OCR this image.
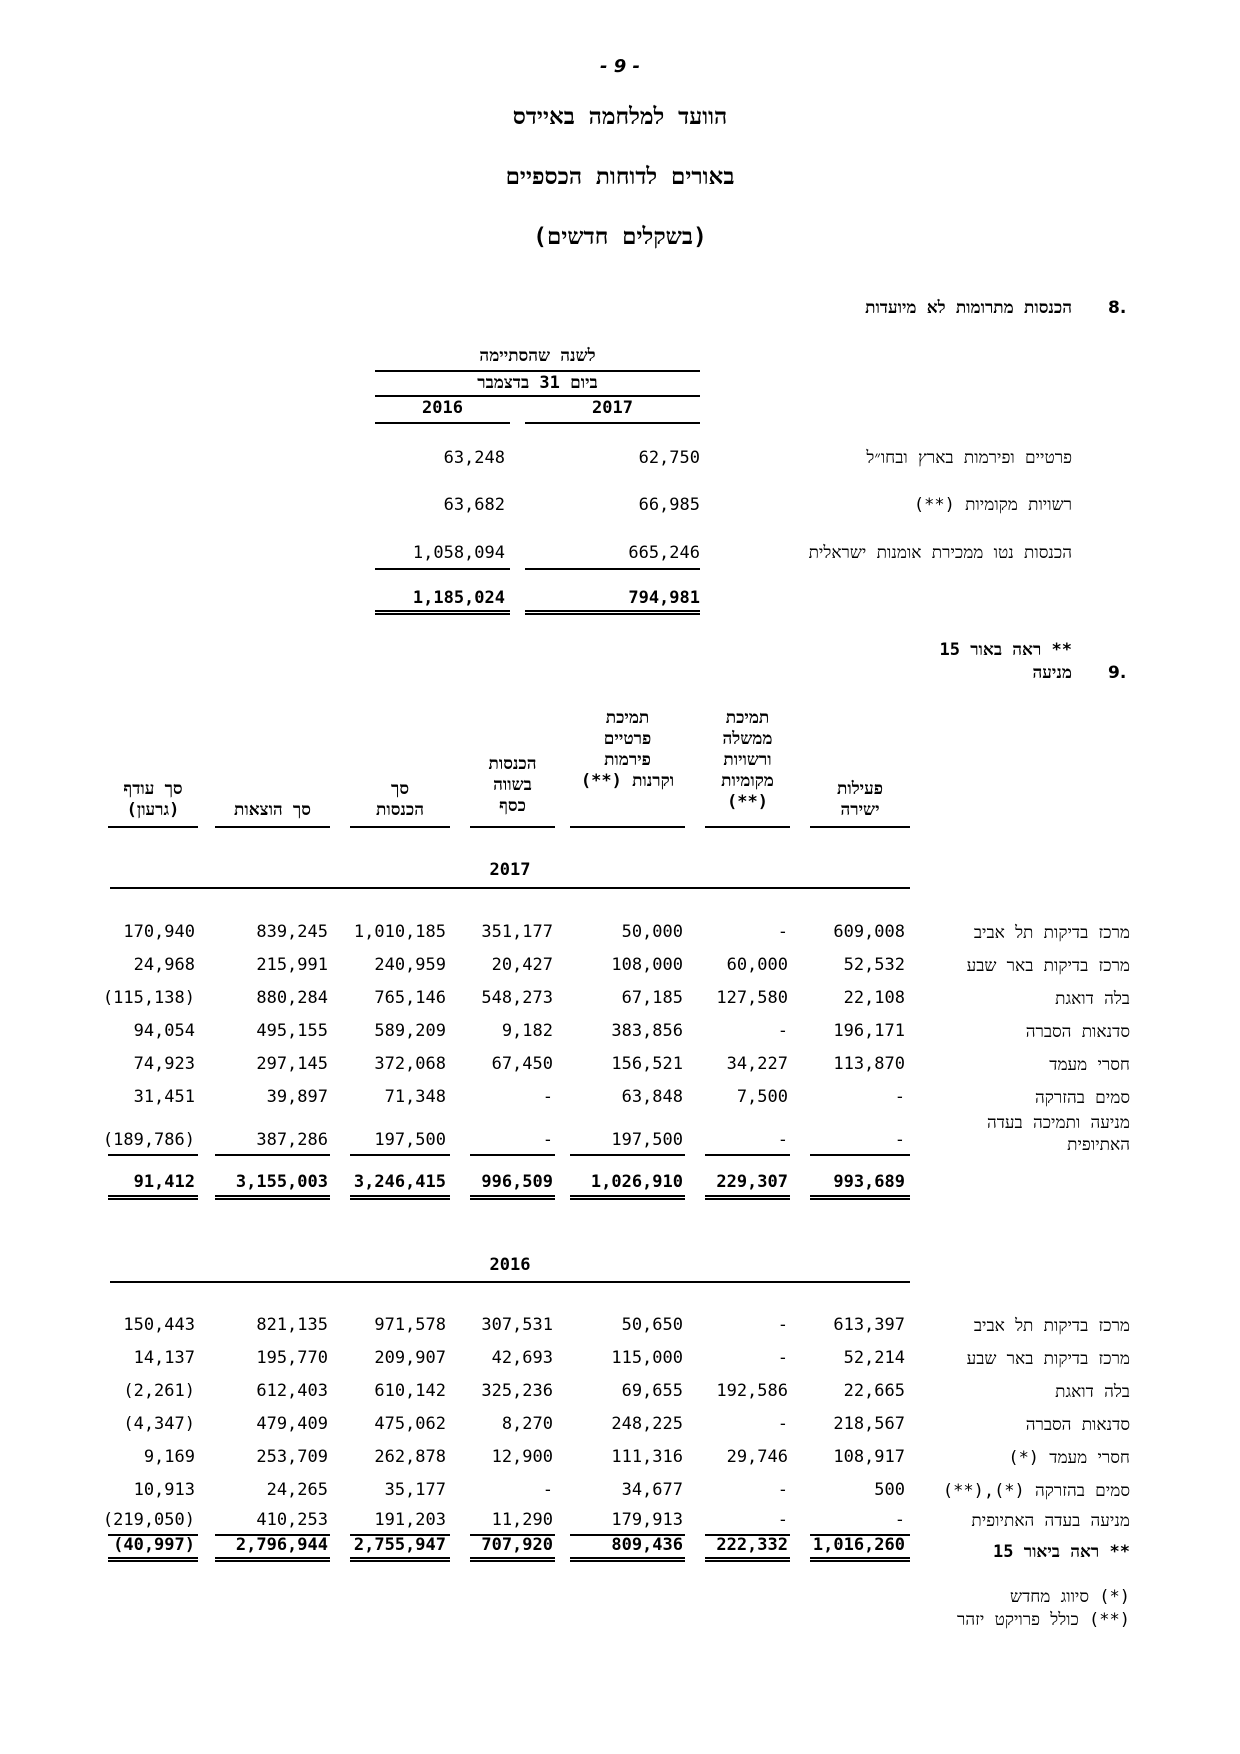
- 9 -
הוועד למלחמה באיידס
באורים לדוחות הכספיים
(בשקלים חדשים)
8.
הכנסות מתרומות לא מיועדות
לשנה שהסתיימה
ביום 31 בדצמבר
2017
2016
פרטיים ופירמות בארץ ובחו״ל
62,750
63,248
רשויות מקומיות (**)
66,985
63,682
הכנסות נטו ממכירת אומנות ישראלית
665,246
1,058,094
794,981
1,185,024
** ראה באור 15
9.
מניעה
פעילות
ישירה
תמיכת
ממשלה
ורשויות
מקומיות
(**)
תמיכת
פרטיים
פירמות
וקרנות (**)
הכנסות
בשווה
כסף
סך
הכנסות
סך הוצאות
סך עודף
(גרעון)
2017
מרכז בדיקות תל אביב
609,008
-
50,000
351,177
1,010,185
839,245
170,940
מרכז בדיקות באר שבע
52,532
60,000
108,000
20,427
240,959
215,991
24,968
בלה דואגת
22,108
127,580
67,185
548,273
765,146
880,284
(115,138)
סדנאות הסברה
196,171
-
383,856
9,182
589,209
495,155
94,054
חסרי מעמד
113,870
34,227
156,521
67,450
372,068
297,145
74,923
סמים בהזרקה
-
7,500
63,848
-
71,348
39,897
31,451
מניעה ותמיכה בעדה
האתיופית
-
-
197,500
-
197,500
387,286
(189,786)
993,689
229,307
1,026,910
996,509
3,246,415
3,155,003
91,412
2016
מרכז בדיקות תל אביב
613,397
-
50,650
307,531
971,578
821,135
150,443
מרכז בדיקות באר שבע
52,214
-
115,000
42,693
209,907
195,770
14,137
בלה דואגת
22,665
192,586
69,655
325,236
610,142
612,403
(2,261)
סדנאות הסברה
218,567
-
248,225
8,270
475,062
479,409
(4,347)
חסרי מעמד (*)
108,917
29,746
111,316
12,900
262,878
253,709
9,169
סמים בהזרקה (*),(**)
500
-
34,677
-
35,177
24,265
10,913
מניעה בעדה האתיופית
-
-
179,913
11,290
191,203
410,253
(219,050)
1,016,260
222,332
809,436
707,920
2,755,947
2,796,944
(40,997)	** ראה ביאור 15
(*) סיווג מחדש
(**) כולל פרויקט יזהר
